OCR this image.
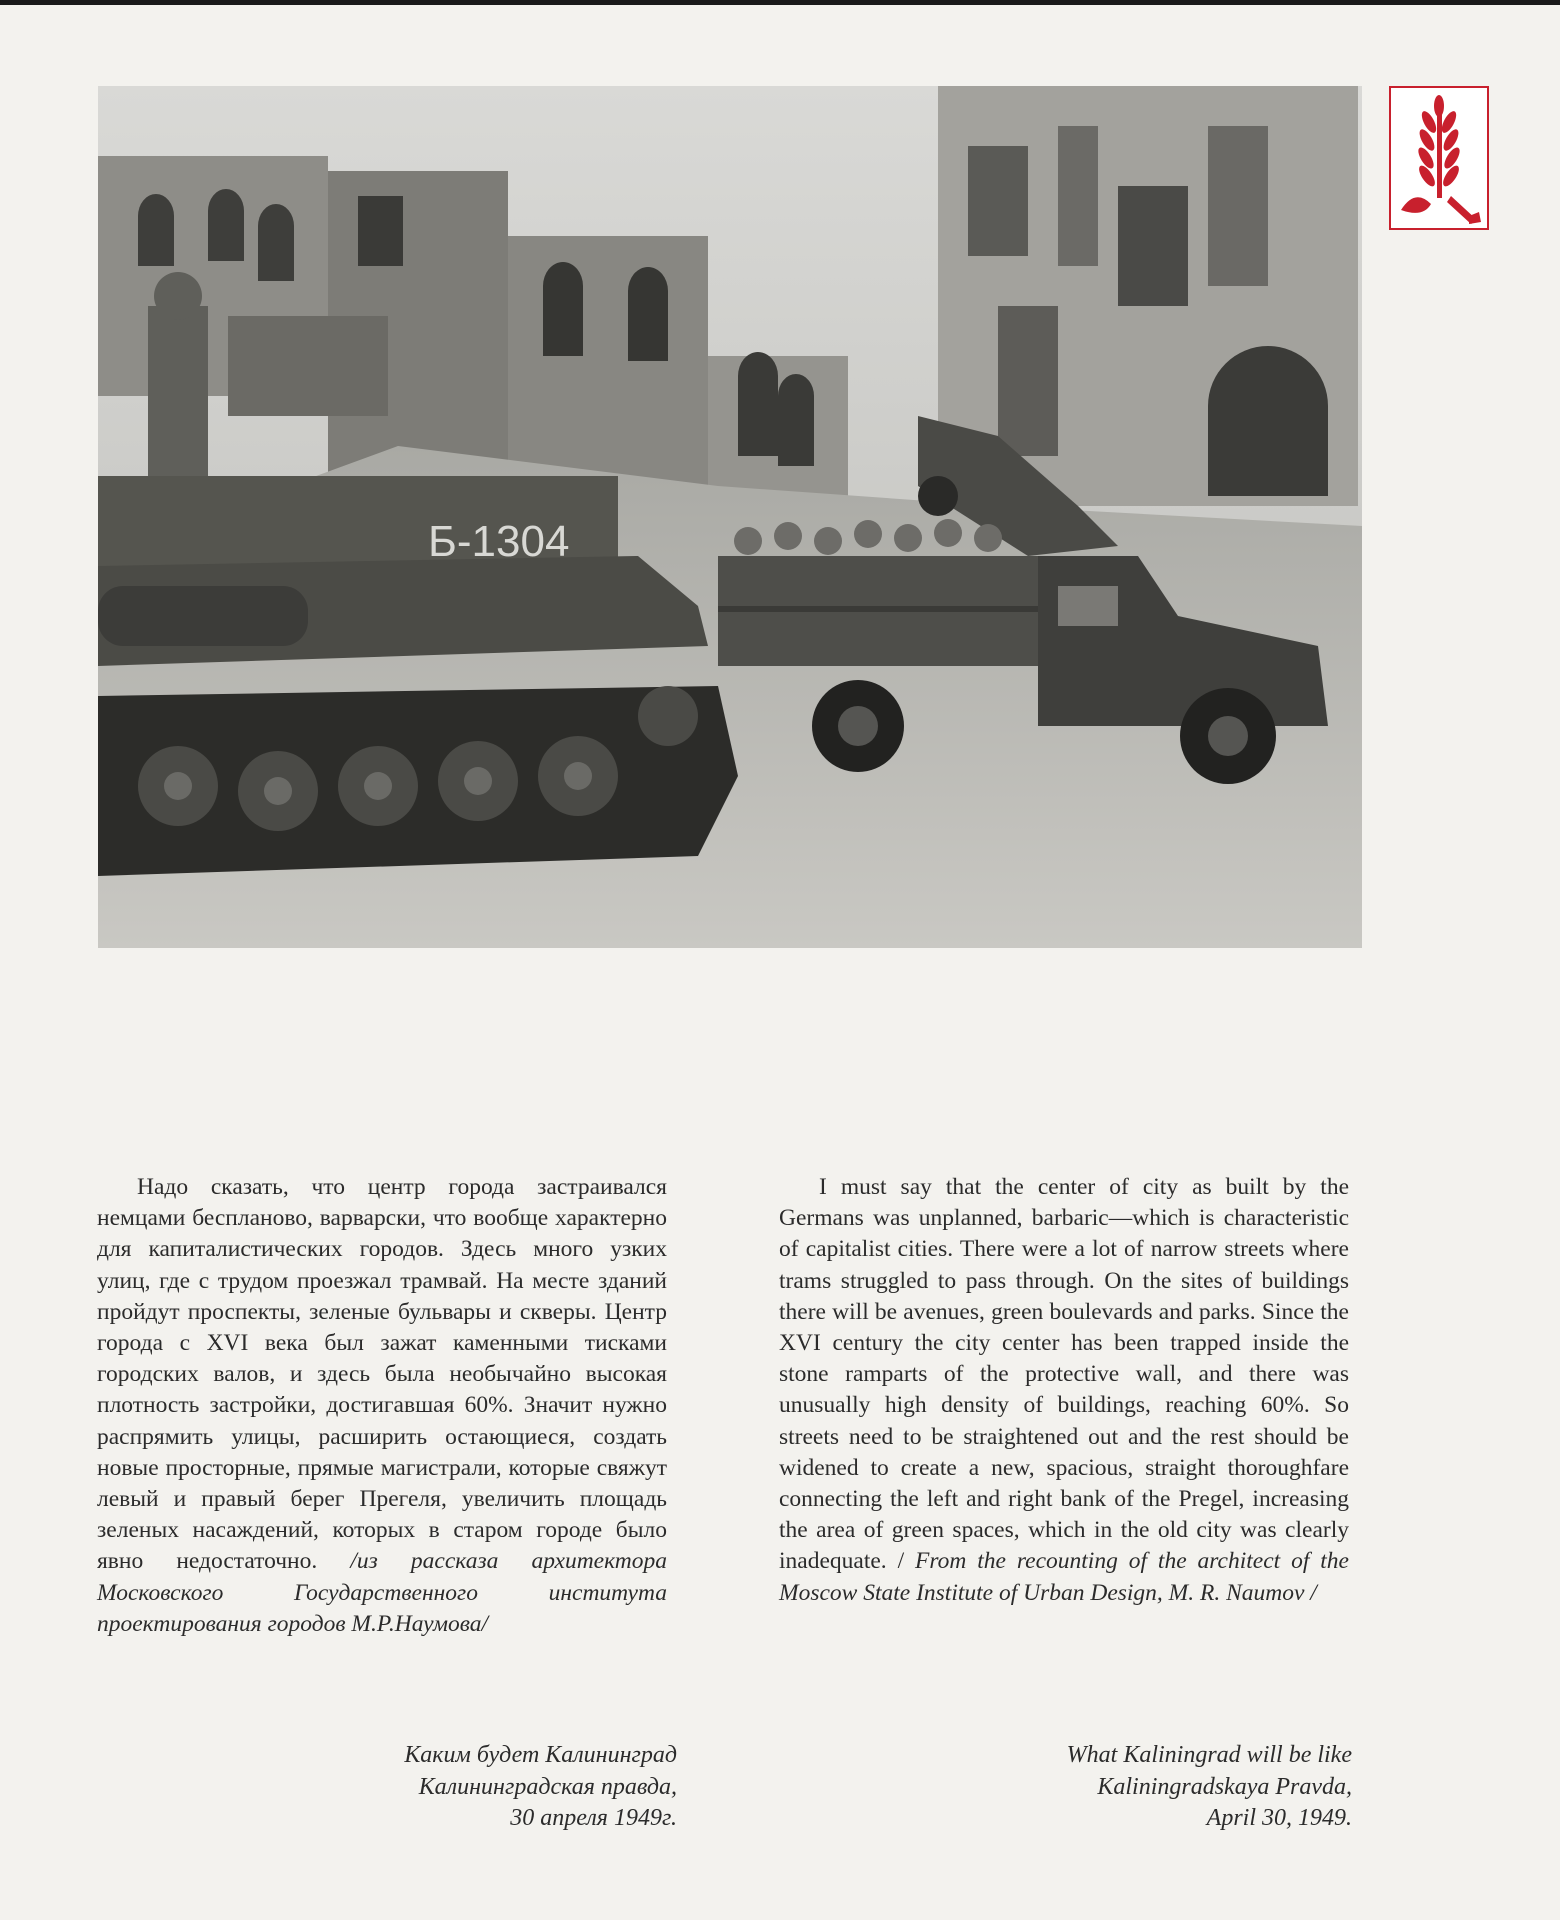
Б-1304

Надо сказать, что центр города застраивался немцами беспланово, варварски, что вообще характерно для капиталистических городов. Здесь много узких улиц, где с трудом проезжал трамвай. На месте зданий пройдут проспекты, зеленые бульвары и скверы. Центр города с XVI века был зажат каменными тисками городских валов, и здесь была необычайно высокая плотность застройки, достигавшая 60%. Значит нужно распрямить улицы, расширить остающиеся, создать новые просторные, прямые магистрали, которые свяжут левый и правый берег Прегеля, увеличить площадь зеленых насаждений, которых в старом городе было явно недостаточно. /из рассказа архитектора Московского Государственного института проектирования городов М.Р.Наумова/

I must say that the center of city as built by the Germans was unplanned, barbaric—which is characteristic of capitalist cities. There were a lot of narrow streets where trams struggled to pass through. On the sites of buildings there will be avenues, green boulevards and parks. Since the XVI century the city center has been trapped inside the stone ramparts of the protective wall, and there was unusually high density of buildings, reaching 60%. So streets need to be straightened out and the rest should be widened to create a new, spacious, straight thoroughfare connecting the left and right bank of the Pregel, increasing the area of green spaces, which in the old city was clearly inadequate. / From the recounting of the architect of the Moscow State Institute of Urban Design, M. R. Naumov /

Каким будет Калининград
Калининградская правда,
30 апреля 1949г.
What Kaliningrad will be like
Kaliningradskaya Pravda,
April 30, 1949.
